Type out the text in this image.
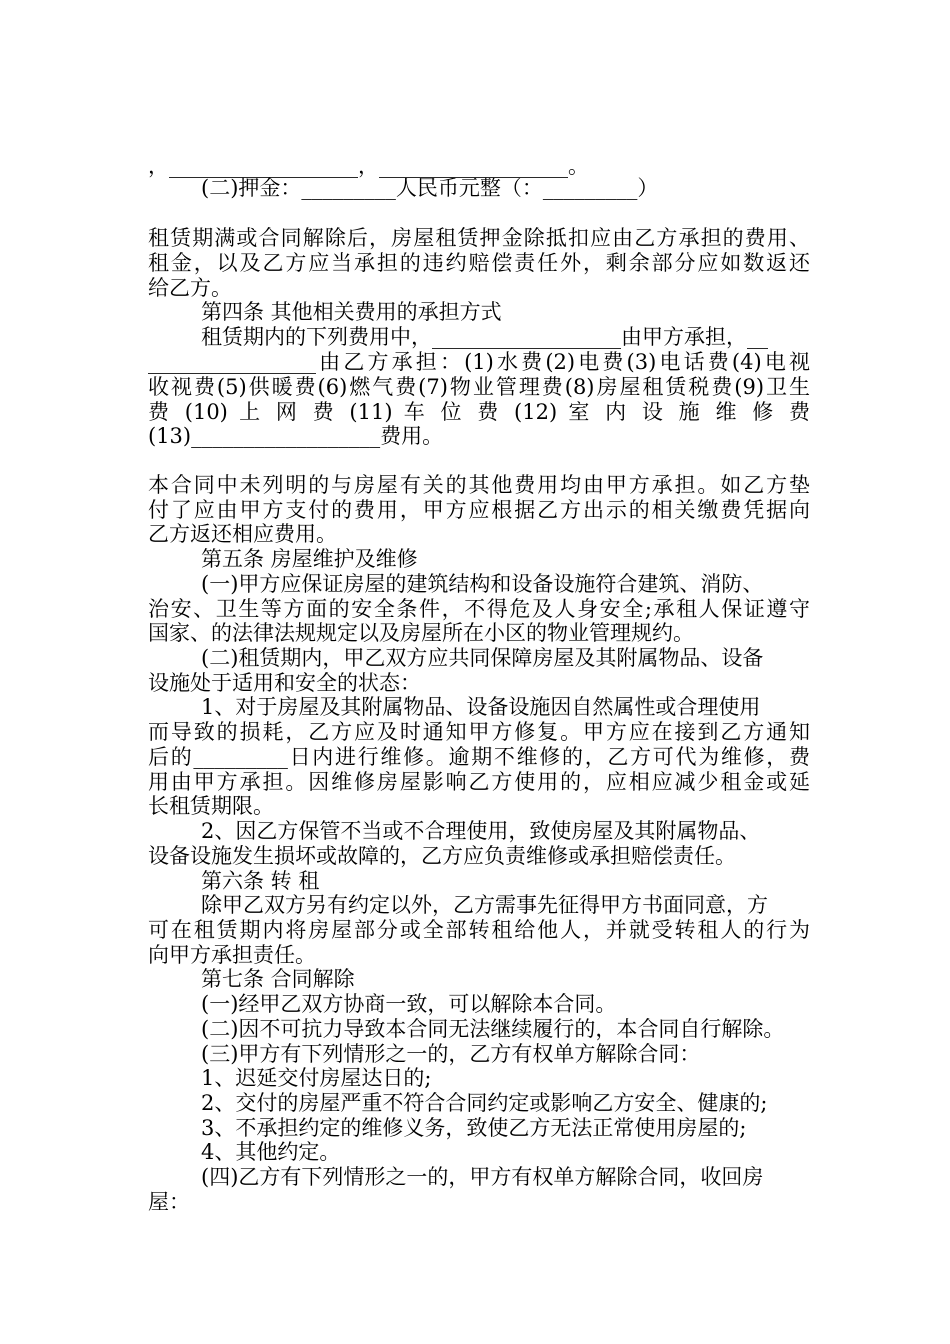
，__________________，__________________。
(二)押金：_________人民币元整（：_________）
租赁期满或合同解除后，房屋租赁押金除抵扣应由乙方承担的费用、
租金，以及乙方应当承担的违约赔偿责任外，剩余部分应如数返还
给乙方。
第四条 其他相关费用的承担方式
租赁期内的下列费用中，__________________由甲方承担，__
________________由乙方承担：(1)水费(2)电费(3)电话费(4)电视
收视费(5)供暖费(6)燃气费(7)物业管理费(8)房屋租赁税费(9)卫生
费 (10) 上 网 费 (11) 车 位 费 (12) 室 内 设 施 维 修 费
(13)__________________费用。
本合同中未列明的与房屋有关的其他费用均由甲方承担。如乙方垫
付了应由甲方支付的费用，甲方应根据乙方出示的相关缴费凭据向
乙方返还相应费用。
第五条 房屋维护及维修
(一)甲方应保证房屋的建筑结构和设备设施符合建筑、消防、
治安、卫生等方面的安全条件，不得危及人身安全;承租人保证遵守
国家、的法律法规规定以及房屋所在小区的物业管理规约。
(二)租赁期内，甲乙双方应共同保障房屋及其附属物品、设备
设施处于适用和安全的状态：
1、对于房屋及其附属物品、设备设施因自然属性或合理使用
而导致的损耗，乙方应及时通知甲方修复。甲方应在接到乙方通知
后的_________日内进行维修。逾期不维修的，乙方可代为维修，费
用由甲方承担。因维修房屋影响乙方使用的，应相应减少租金或延
长租赁期限。
2、因乙方保管不当或不合理使用，致使房屋及其附属物品、
设备设施发生损坏或故障的，乙方应负责维修或承担赔偿责任。
第六条 转 租
除甲乙双方另有约定以外，乙方需事先征得甲方书面同意，方
可在租赁期内将房屋部分或全部转租给他人，并就受转租人的行为
向甲方承担责任。
第七条 合同解除
(一)经甲乙双方协商一致，可以解除本合同。
(二)因不可抗力导致本合同无法继续履行的，本合同自行解除。
(三)甲方有下列情形之一的，乙方有权单方解除合同：
1、迟延交付房屋达日的;
2、交付的房屋严重不符合合同约定或影响乙方安全、健康的;
3、不承担约定的维修义务，致使乙方无法正常使用房屋的;
4、其他约定。
(四)乙方有下列情形之一的，甲方有权单方解除合同，收回房
屋：
